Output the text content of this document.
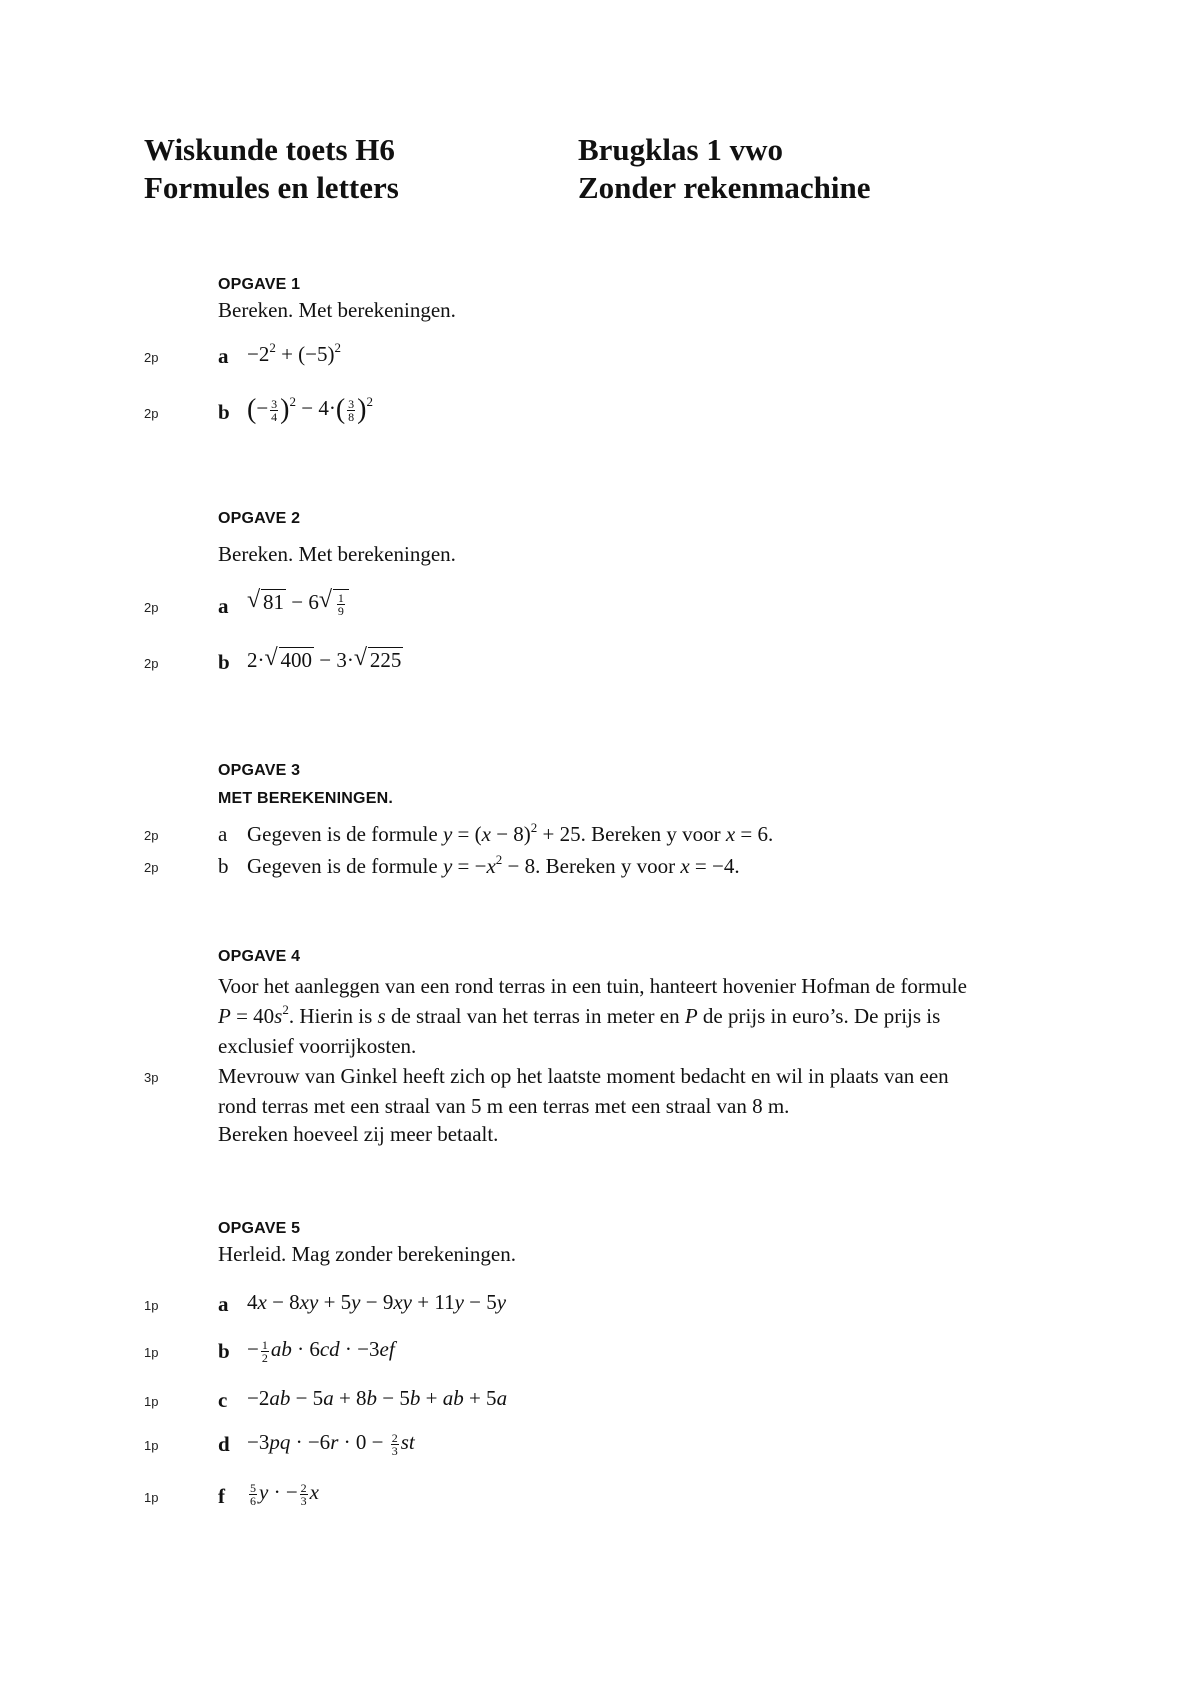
Wiskunde toets H6
Formules en letters
Brugklas 1 vwo
Zonder rekenmachine
OPGAVE 1
Bereken. Met berekeningen.
2p	$a -2^2 + (-5)^2$
2p	b (− $\frac{3}{4} )^2 - 4\cdot( \frac{3}{8} )^2$
OPGAVE 2
Bereken. Met berekeningen.
2p	a	√ 81 − 6 √ $\frac{1}{9}$
2p	b 2· √ 400 − 3· √ 225
OPGAVE 3
MET BEREKENINGEN.
2p	a Gegeven is de formule $y = (x - 8)^2 + 25$. Bereken y voor x = 6.
2p	b Gegeven is de formule $y = -x^2 - 8$. Bereken y voor x = −4.
OPGAVE 4
Voor het aanleggen van een rond terras in een tuin, hanteert hovenier Hofman de formule
$P = 40s^2$. Hierin is s de straal van het terras in meter en P de prijs in euro’s. De prijs is
exclusief voorrijkosten.
3p	Mevrouw van Ginkel heeft zich op het laatste moment bedacht en wil in plaats van een
rond terras met een straal van 5 m een terras met een straal van 8 m.
Bereken hoeveel zij meer betaalt.
OPGAVE 5
Herleid. Mag zonder berekeningen.
1p	a 4x − 8xy + 5y − 9xy + 11y − 5y
1p	$b - \frac{1}{2}$ ab · 6cd · −3ef
1p	c −2ab − 5a + 8b − 5b + ab + 5a
1p	$d -3pq \cdot -6r \cdot 0 - \frac{2}{3}$ st
1p	f $\frac{5}{6}$ y · − $\frac{2}{3}$ x
